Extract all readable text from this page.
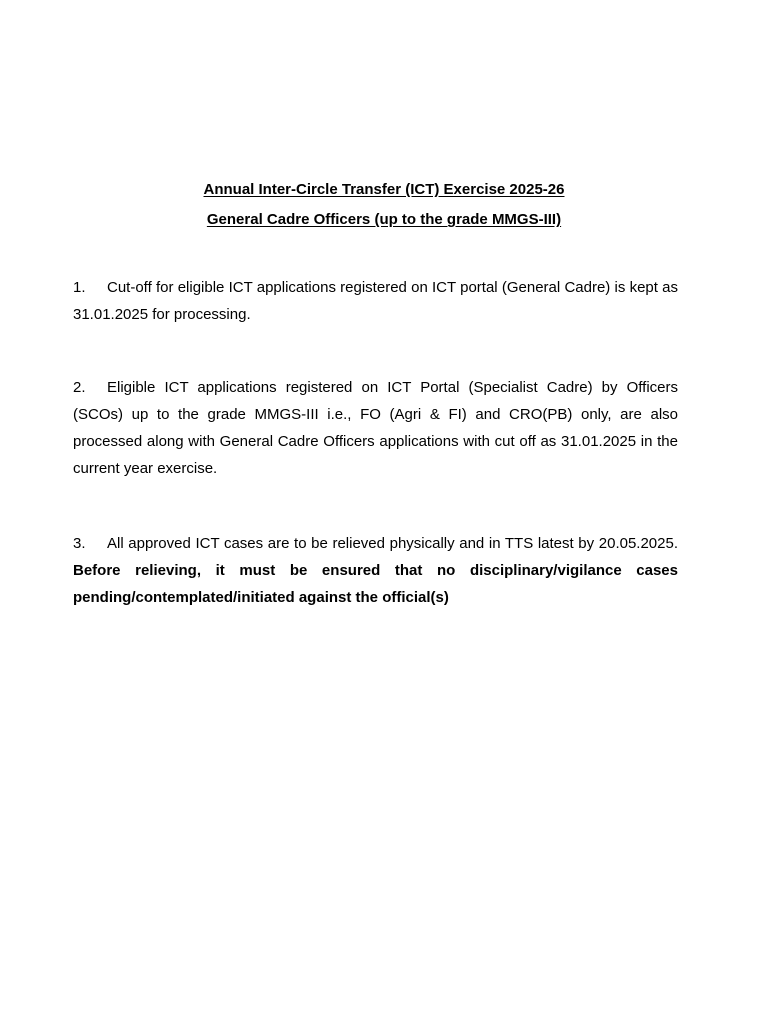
Annual Inter-Circle Transfer (ICT) Exercise 2025-26
General Cadre Officers (up to the grade MMGS-III)
1. Cut-off for eligible ICT applications registered on ICT portal (General Cadre) is kept as 31.01.2025 for processing.
2. Eligible ICT applications registered on ICT Portal (Specialist Cadre) by Officers (SCOs) up to the grade MMGS-III i.e., FO (Agri & FI) and CRO(PB) only, are also processed along with General Cadre Officers applications with cut off as 31.01.2025 in the current year exercise.
3. All approved ICT cases are to be relieved physically and in TTS latest by 20.05.2025. Before relieving, it must be ensured that no disciplinary/vigilance cases pending/contemplated/initiated against the official(s)
